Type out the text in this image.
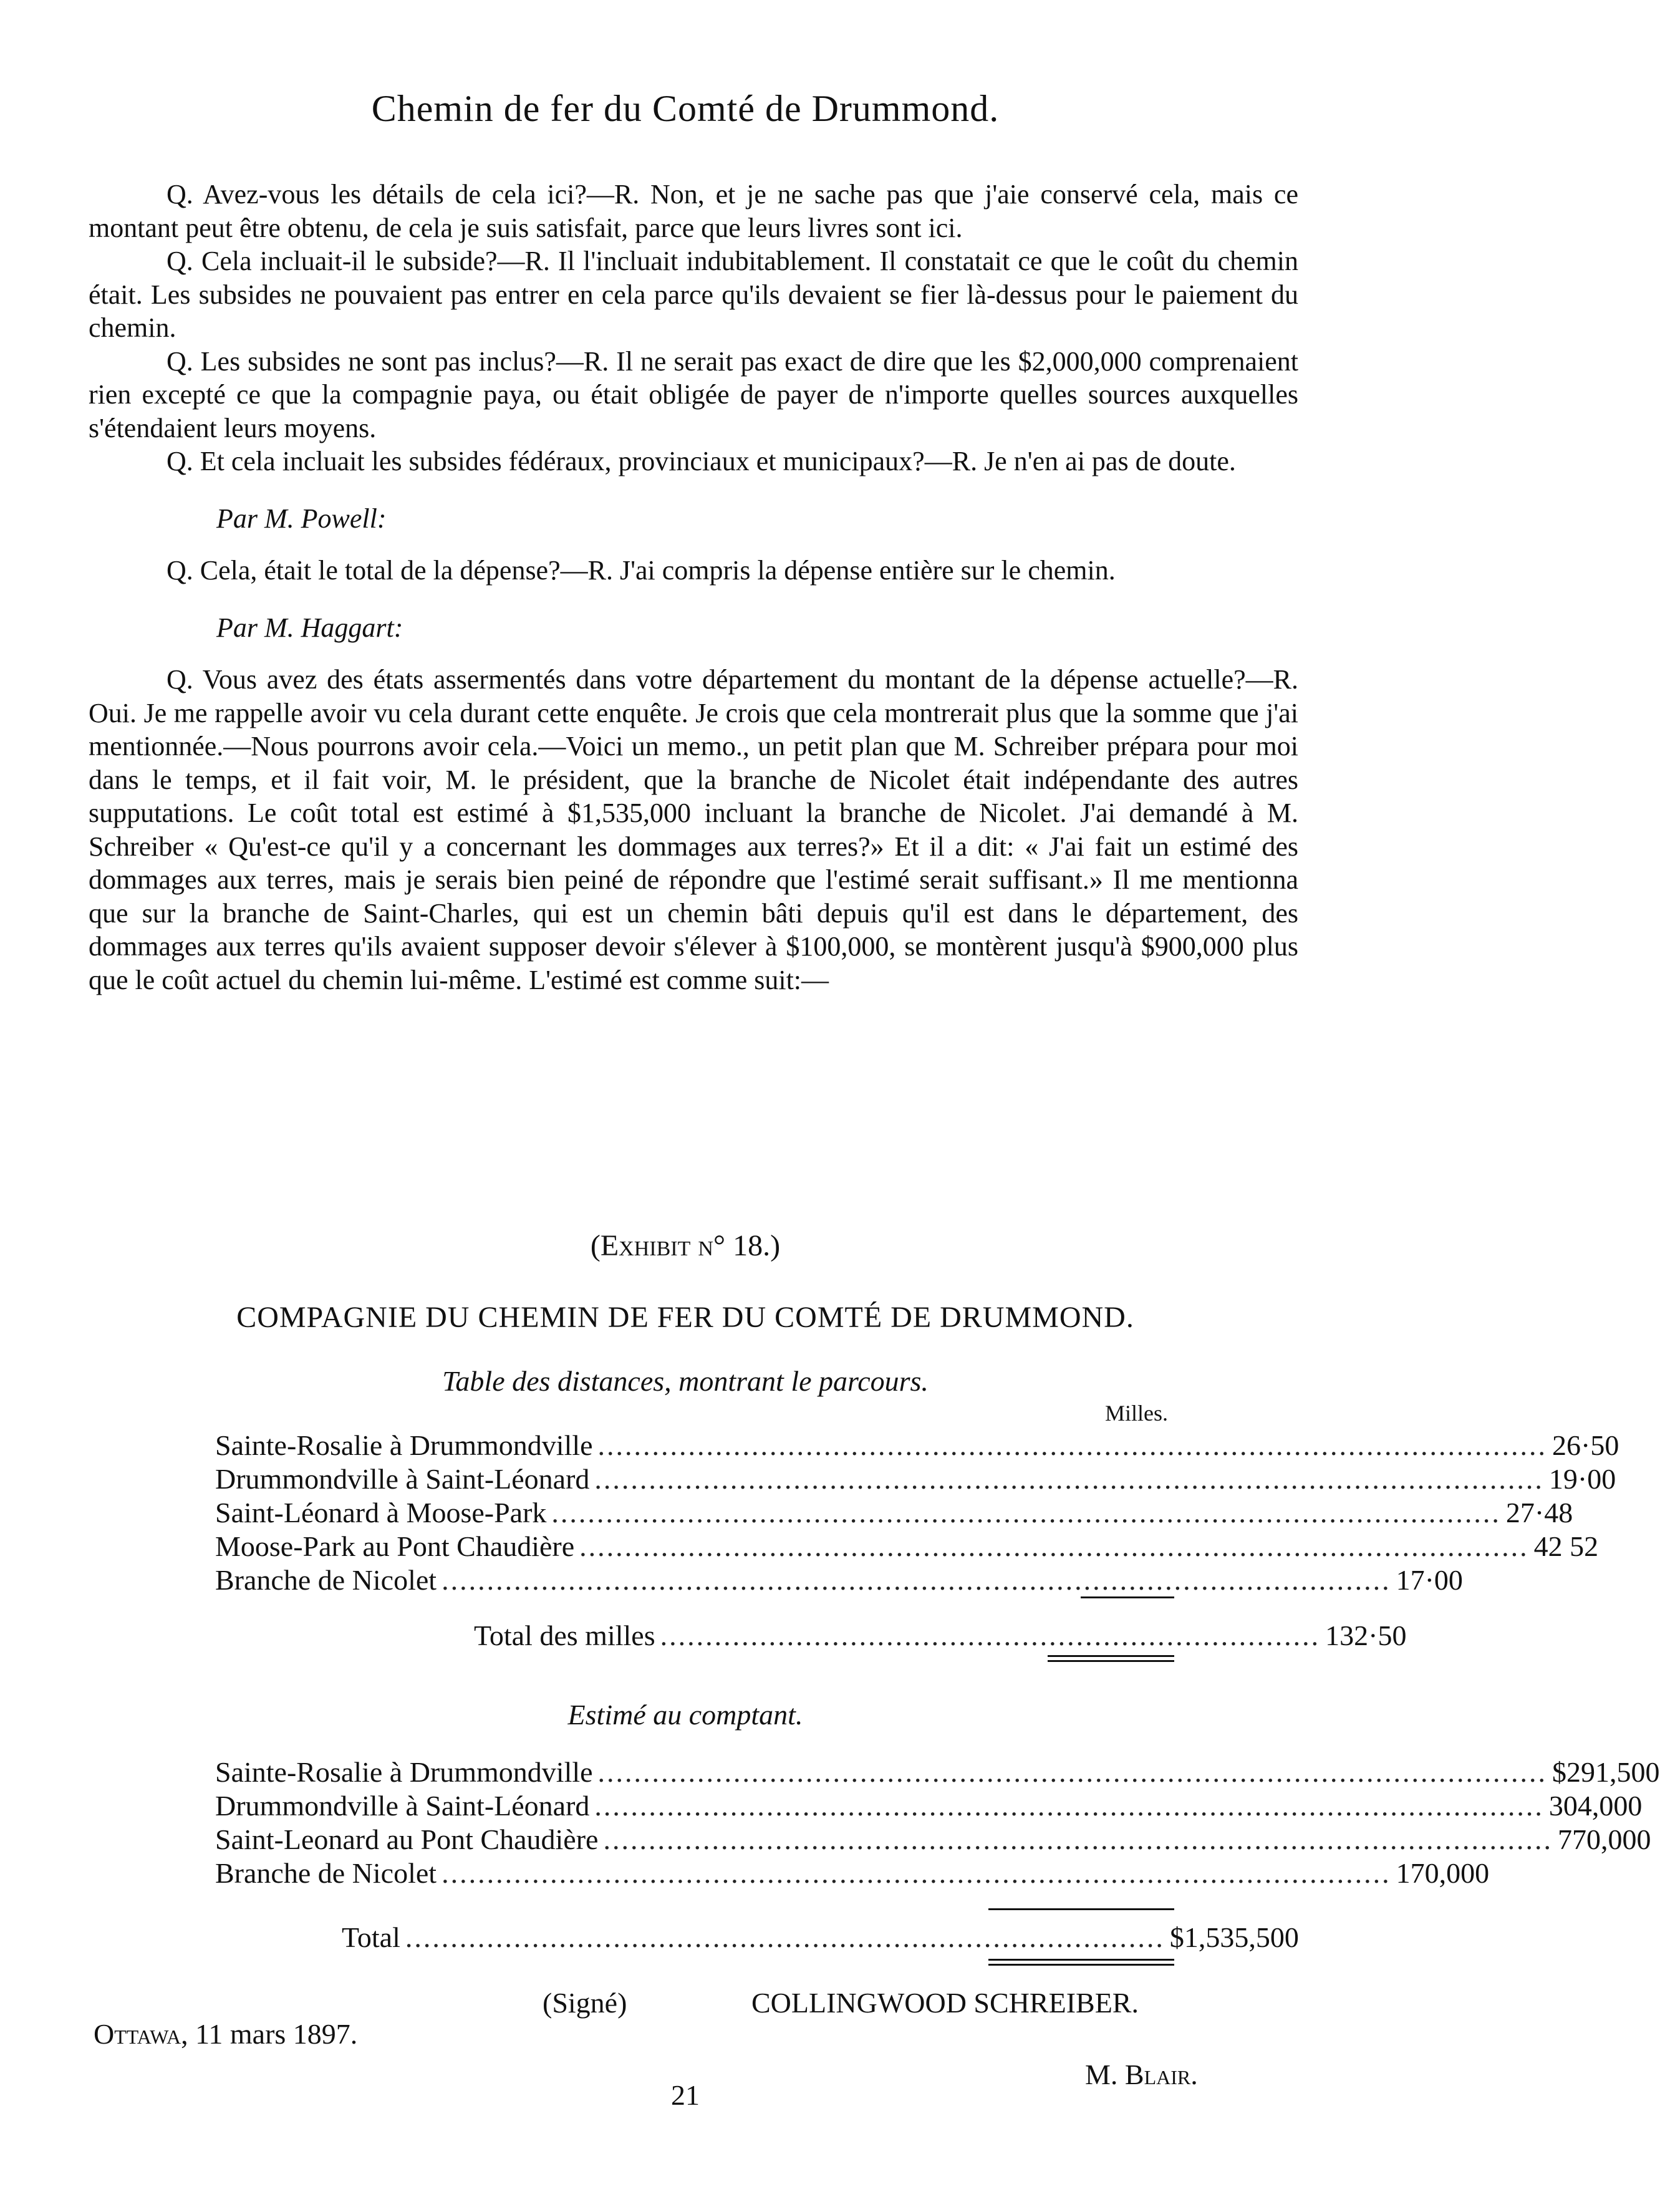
Chemin de fer du Comté de Drummond.

Q. Avez-vous les détails de cela ici?—R. Non, et je ne sache pas que j'aie conservé cela, mais ce montant peut être obtenu, de cela je suis satisfait, parce que leurs livres sont ici.

Q. Cela incluait-il le subside?—R. Il l'incluait indubitablement. Il constatait ce que le coût du chemin était. Les subsides ne pouvaient pas entrer en cela parce qu'ils devaient se fier là-dessus pour le paiement du chemin.

Q. Les subsides ne sont pas inclus?—R. Il ne serait pas exact de dire que les $2,000,000 comprenaient rien excepté ce que la compagnie paya, ou était obligée de payer de n'importe quelles sources auxquelles s'étendaient leurs moyens.

Q. Et cela incluait les subsides fédéraux, provinciaux et municipaux?—R. Je n'en ai pas de doute.

Par M. Powell:

Q. Cela, était le total de la dépense?—R. J'ai compris la dépense entière sur le chemin.

Par M. Haggart:

Q. Vous avez des états assermentés dans votre département du montant de la dépense actuelle?—R. Oui. Je me rappelle avoir vu cela durant cette enquête. Je crois que cela montrerait plus que la somme que j'ai mentionnée.—Nous pourrons avoir cela.—Voici un memo., un petit plan que M. Schreiber prépara pour moi dans le temps, et il fait voir, M. le président, que la branche de Nicolet était indépendante des autres supputations. Le coût total est estimé à $1,535,000 incluant la branche de Nicolet. J'ai demandé à M. Schreiber « Qu'est-ce qu'il y a concernant les dommages aux terres?» Et il a dit: « J'ai fait un estimé des dommages aux terres, mais je serais bien peiné de répondre que l'estimé serait suffisant.» Il me mentionna que sur la branche de Saint-Charles, qui est un chemin bâti depuis qu'il est dans le département, des dommages aux terres qu'ils avaient supposer devoir s'élever à $100,000, se montèrent jusqu'à $900,000 plus que le coût actuel du chemin lui-même. L'estimé est comme suit:—

(Exhibit n° 18.)
COMPAGNIE DU CHEMIN DE FER DU COMTÉ DE DRUMMOND.
Table des distances, montrant le parcours.
Milles.
Sainte-Rosalie à Drummondville ......................................................................................................... 26·50
Drummondville à Saint-Léonard ......................................................................................................... 19·00
Saint-Léonard à Moose-Park ......................................................................................................... 27·48
Moose-Park au Pont Chaudière ......................................................................................................... 42 52
Branche de Nicolet ......................................................................................................... 17·00
Total des milles ......................................................................... 132·50
Estimé au comptant.
Sainte-Rosalie à Drummondville ......................................................................................................... $ 291,500
Drummondville à Saint-Léonard ......................................................................................................... 304,000
Saint-Leonard au Pont Chaudière ......................................................................................................... 770,000
Branche de Nicolet ......................................................................................................... 170,000
Total .................................................................................... $ 1,535,500
(Signé)	COLLINGWOOD SCHREIBER.
Ottawa, 11 mars 1897.
M. Blair.
21
